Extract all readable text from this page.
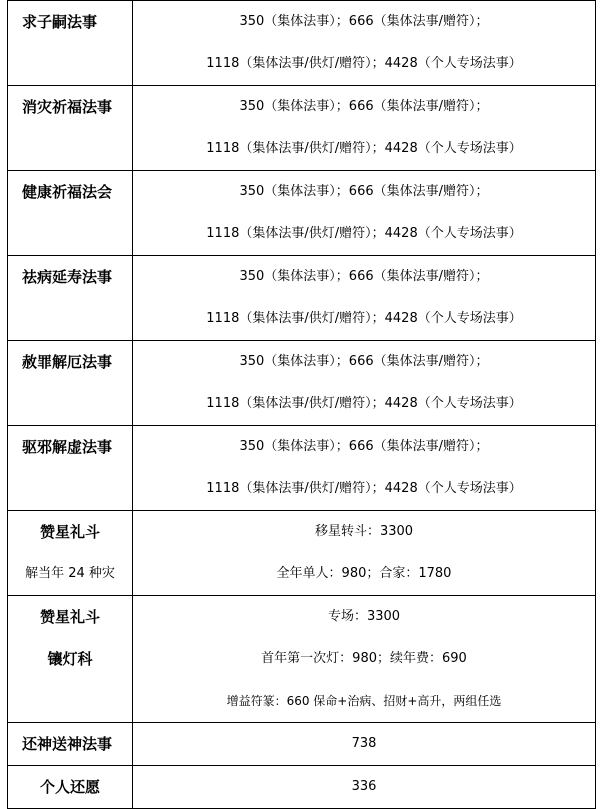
求子嗣法事	350（集体法事）；666（集体法事/赠符）；
1118（集体法事/供灯/赠符）；4428（个人专场法事）

消灾祈福法事	350（集体法事）；666（集体法事/赠符）；
1118（集体法事/供灯/赠符）；4428（个人专场法事）

健康祈福法会	350（集体法事）；666（集体法事/赠符）；
1118（集体法事/供灯/赠符）；4428（个人专场法事）

祛病延寿法事	350（集体法事）；666（集体法事/赠符）；
1118（集体法事/供灯/赠符）；4428（个人专场法事）

赦罪解厄法事	350（集体法事）；666（集体法事/赠符）；
1118（集体法事/供灯/赠符）；4428（个人专场法事）

驱邪解虚法事	350（集体法事）；666（集体法事/赠符）；
1118（集体法事/供灯/赠符）；4428（个人专场法事）

赞星礼斗
解当年 24 种灾	移星转斗：3300
全年单人：980；合家：1780

赞星礼斗
镶灯科	专场：3300
首年第一次灯：980；续年费：690
增益符篆：660 保命+治病、招财+高升，两组任选

还神送神法事	738

个人还愿	336
